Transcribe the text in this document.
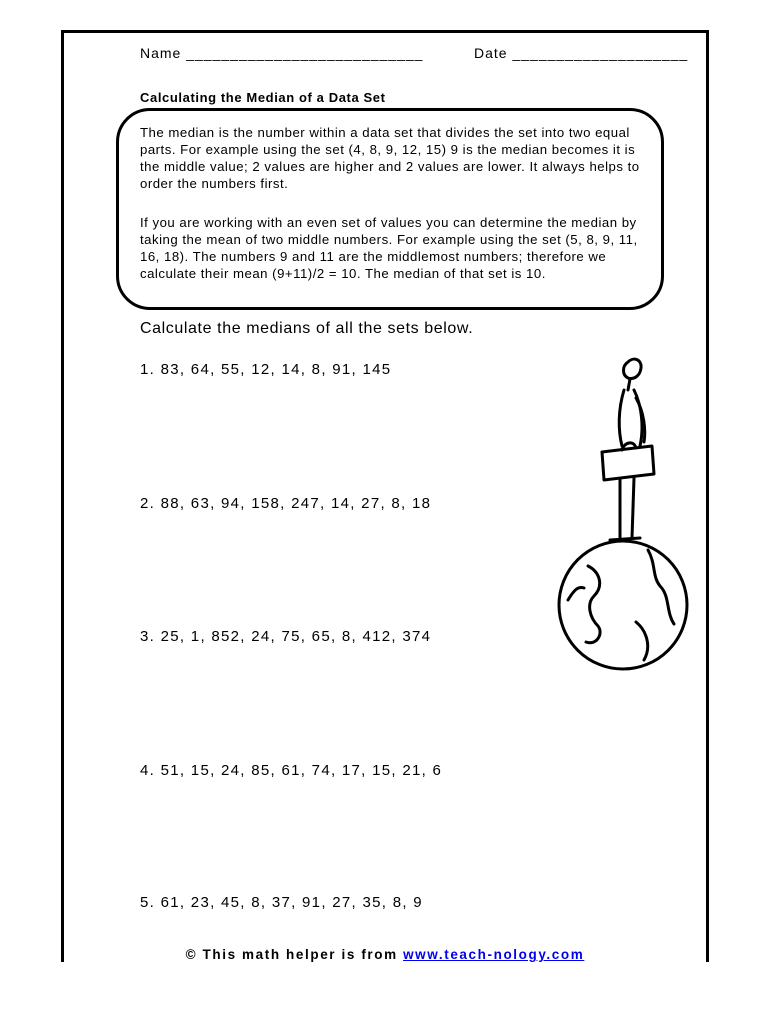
Name ___________________________	Date ____________________
Calculating the Median of a Data Set

The median is the number within a data set that divides the set into two equal parts. For example using the set (4, 8, 9, 12, 15) 9 is the median becomes it is the middle value; 2 values are higher and 2 values are lower. It always helps to order the numbers first.

If you are working with an even set of values you can determine the median by taking the mean of two middle numbers. For example using the set (5, 8, 9, 11, 16, 18). The numbers 9 and 11 are the middlemost numbers; therefore we calculate their mean (9+11)/2 = 10. The median of that set is 10.

Calculate the medians of all the sets below.
1. 83, 64, 55, 12, 14, 8, 91, 145
2. 88, 63, 94, 158, 247, 14, 27, 8, 18
3. 25, 1, 852, 24, 75, 65, 8, 412, 374
4. 51, 15, 24, 85, 61, 74, 17, 15, 21, 6
5. 61, 23, 45, 8, 37, 91, 27, 35, 8, 9
© This math helper is from www.teach-nology.com
